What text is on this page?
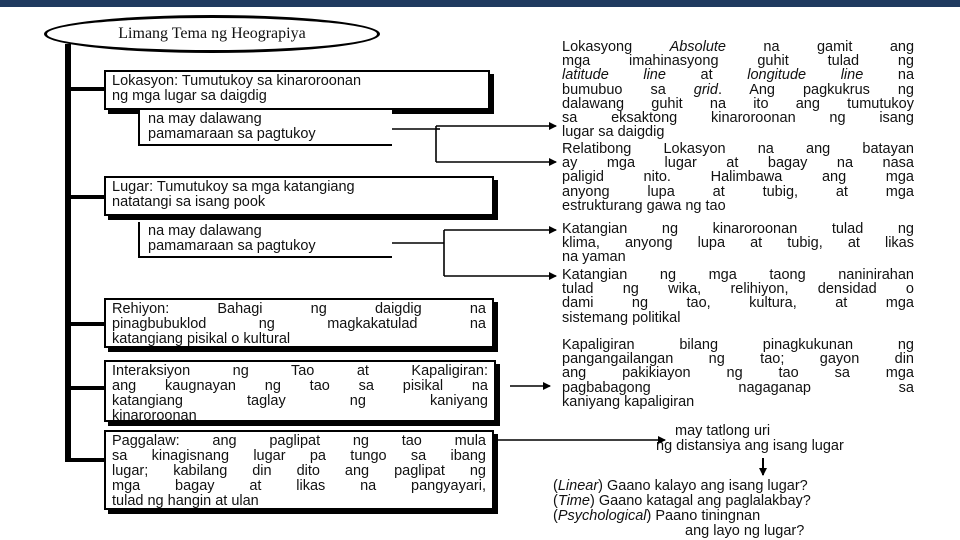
Limang Tema ng Heograpiya
Lokasyon: Tumutukoy sa kinaroroonan
ng mga lugar sa daigdig
na may dalawang
pamamaraan sa pagtukoy
Lugar: Tumutukoy sa mga katangiang
natatangi sa isang pook
na may dalawang
pamamaraan sa pagtukoy
Rehiyon: Bahagi ng daigdig na
pinagbubuklod ng magkakatulad na
katangiang pisikal o kultural
Interaksiyon ng Tao at Kapaligiran:
ang kaugnayan ng tao sa pisikal na
katangiang taglay ng kaniyang
kinaroroonan
Paggalaw: ang paglipat ng tao mula
sa kinagisnang lugar pa tungo sa ibang
lugar; kabilang din dito ang paglipat ng
mga bagay at likas na pangyayari,
tulad ng hangin at ulan
Lokasyong	Absolute	na gamit ang
mga imahinasyong guhit tulad ng
latitude line at longitude line na
bumubuo sa grid. Ang pagkukrus ng
dalawang guhit na ito ang tumutukoy
sa eksaktong kinaroroonan ng isang
lugar sa daigdig
Relatibong Lokasyon na ang batayan
ay mga lugar at bagay na nasa
paligid nito. Halimbawa ang mga
anyong lupa at tubig, at mga
estrukturang gawa ng tao
Katangian ng kinaroroonan tulad ng
klima, anyong lupa at tubig, at likas
na yaman
Katangian ng mga taong naninirahan
tulad ng wika, relihiyon, densidad o
dami ng tao, kultura, at mga
sistemang politikal
Kapaligiran bilang pinagkukunan ng
pangangailangan ng tao; gayon din
ang pakikiayon ng tao sa mga
pagbabagong nagaganap sa
kaniyang kapaligiran
may tatlong uri
ng distansiya ang isang lugar
(Linear) Gaano kalayo ang isang lugar?
(Time) Gaano katagal ang paglalakbay?
(Psychological) Paano tiningnan
ang layo ng lugar?
